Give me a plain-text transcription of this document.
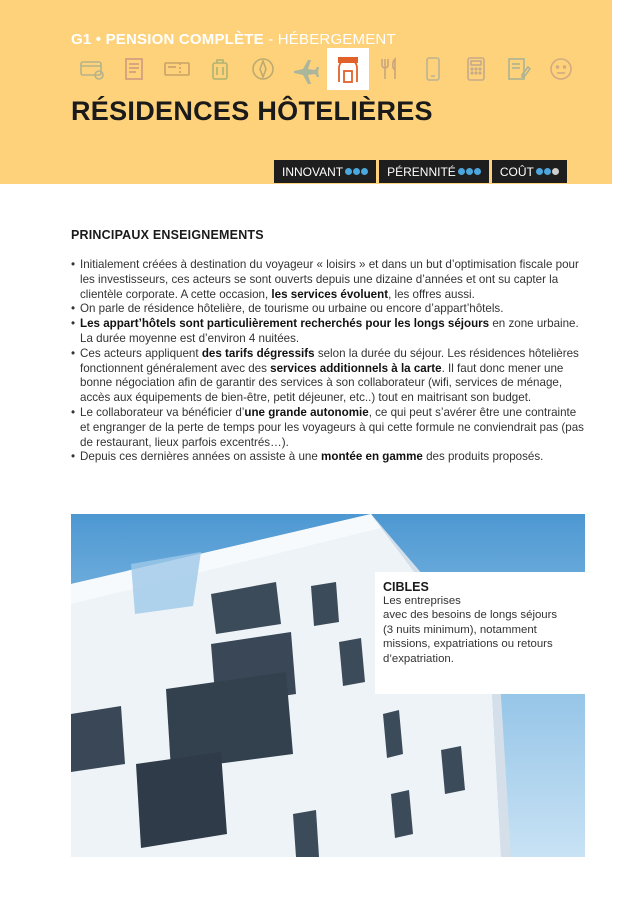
G1 • PENSION COMPLÈTE - HÉBERGEMENT
HOTEL
RÉSIDENCES HÔTELIÈRES
INNOVANT	PÉRENNITÉ	COÛT
PRINCIPAUX ENSEIGNEMENTS
• Initialement créées à destination du voyageur « loisirs » et dans un but d’optimisation fiscale pour les investisseurs, ces acteurs se sont ouverts depuis une dizaine d’années et ont su capter la clientèle corporate. A cette occasion, les services évoluent, les offres aussi.
• On parle de résidence hôtelière, de tourisme ou urbaine ou encore d’appart’hôtels.
• Les appart’hôtels sont particulièrement recherchés pour les longs séjours en zone urbaine. La durée moyenne est d’environ 4 nuitées.
• Ces acteurs appliquent des tarifs dégressifs selon la durée du séjour. Les résidences hôtelières fonctionnent généralement avec des services additionnels à la carte. Il faut donc mener une bonne négociation afin de garantir des services à son collaborateur (wifi, services de ménage, accès aux équipements de bien-être, petit déjeuner, etc..) tout en maitrisant son budget.
• Le collaborateur va bénéficier d’une grande autonomie, ce qui peut s’avérer être une contrainte et engranger de la perte de temps pour les voyageurs à qui cette formule ne conviendrait pas (pas de restaurant, lieux parfois excentrés…).
• Depuis ces dernières années on assiste à une montée en gamme des produits proposés.
CIBLES
Les entreprises
avec des besoins de longs séjours
(3 nuits minimum), notamment
missions, expatriations ou retours
d’expatriation.
